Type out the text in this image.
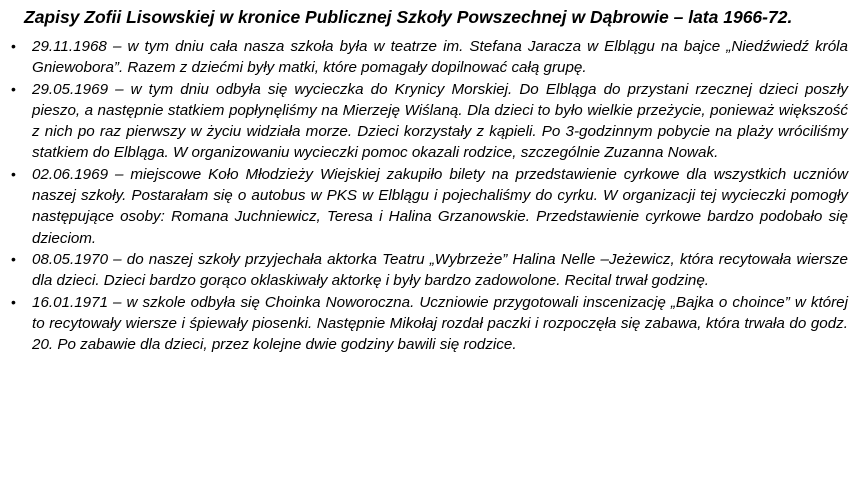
Zapisy Zofii Lisowskiej w kronice Publicznej Szkoły Powszechnej w Dąbrowie – lata 1966-72.
• 29.11.1968 – w tym dniu cała nasza szkoła była w teatrze im. Stefana Jaracza w Elblągu na bajce „Niedźwiedź króla Gniewobora”. Razem z dziećmi były matki, które pomagały dopilnować całą grupę.
• 29.05.1969 – w tym dniu odbyła się wycieczka do Krynicy Morskiej. Do Elbląga do przystani rzecznej dzieci poszły pieszo, a następnie statkiem popłynęliśmy na Mierzeję Wiślaną. Dla dzieci to było wielkie przeżycie, ponieważ większość z nich po raz pierwszy w życiu widziała morze. Dzieci korzystały z kąpieli. Po 3-godzinnym pobycie na plaży wróciliśmy statkiem do Elbląga. W organizowaniu wycieczki pomoc okazali rodzice, szczególnie Zuzanna Nowak.
• 02.06.1969 – miejscowe Koło Młodzieży Wiejskiej zakupiło bilety na przedstawienie cyrkowe dla wszystkich uczniów naszej szkoły. Postarałam się o autobus w PKS w Elblągu i pojechaliśmy do cyrku. W organizacji tej wycieczki pomogły następujące osoby: Romana Juchniewicz, Teresa i Halina Grzanowskie. Przedstawienie cyrkowe bardzo podobało się dzieciom.
• 08.05.1970 – do naszej szkoły przyjechała aktorka Teatru „Wybrzeże” Halina Nelle –Jeżewicz, która recytowała wiersze dla dzieci. Dzieci bardzo gorąco oklaskiwały aktorkę i były bardzo zadowolone. Recital trwał godzinę.
• 16.01.1971 – w szkole odbyła się Choinka Noworoczna. Uczniowie przygotowali inscenizację „Bajka o choince” w której to recytowały wiersze i śpiewały piosenki. Następnie Mikołaj rozdał paczki i rozpoczęła się zabawa, która trwała do godz. 20. Po zabawie dla dzieci, przez kolejne dwie godziny bawili się rodzice.
